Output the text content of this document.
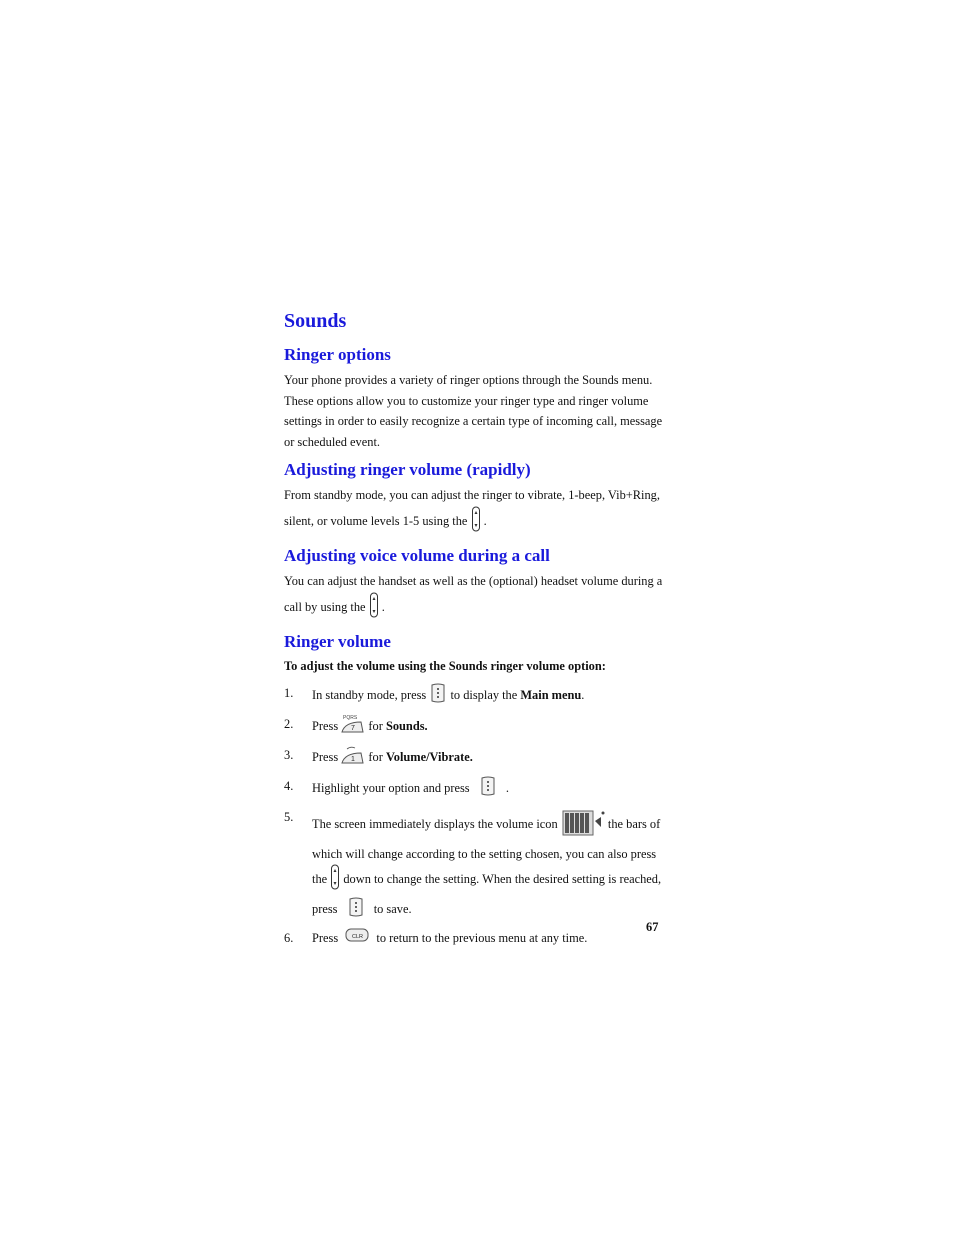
Sounds
Ringer options

Your phone provides a variety of ringer options through the Sounds menu. These options allow you to customize your ringer type and ringer volume settings in order to easily recognize a certain type of incoming call, message or scheduled event.

Adjusting ringer volume (rapidly)

From standby mode, you can adjust the ringer to vibrate, 1-beep, Vib+Ring, silent, or volume levels 1-5 using the .

Adjusting voice volume during a call

You can adjust the handset as well as the (optional) headset volume during a call by using the .

Ringer volume

To adjust the volume using the Sounds ringer volume option:

1. In standby mode, press to display the Main menu.
2. Press
PQRS
7 for Sounds.
3. Press 1 for Volume/Vibrate.
4. Highlight your option and press	.
5.
The screen immediately displays the volume icon	the bars of which will change according to the setting chosen, you can also press the down to change the setting. When the desired setting is reached, press	to save.
6. Press	CLR to return to the previous menu at any time.
67
